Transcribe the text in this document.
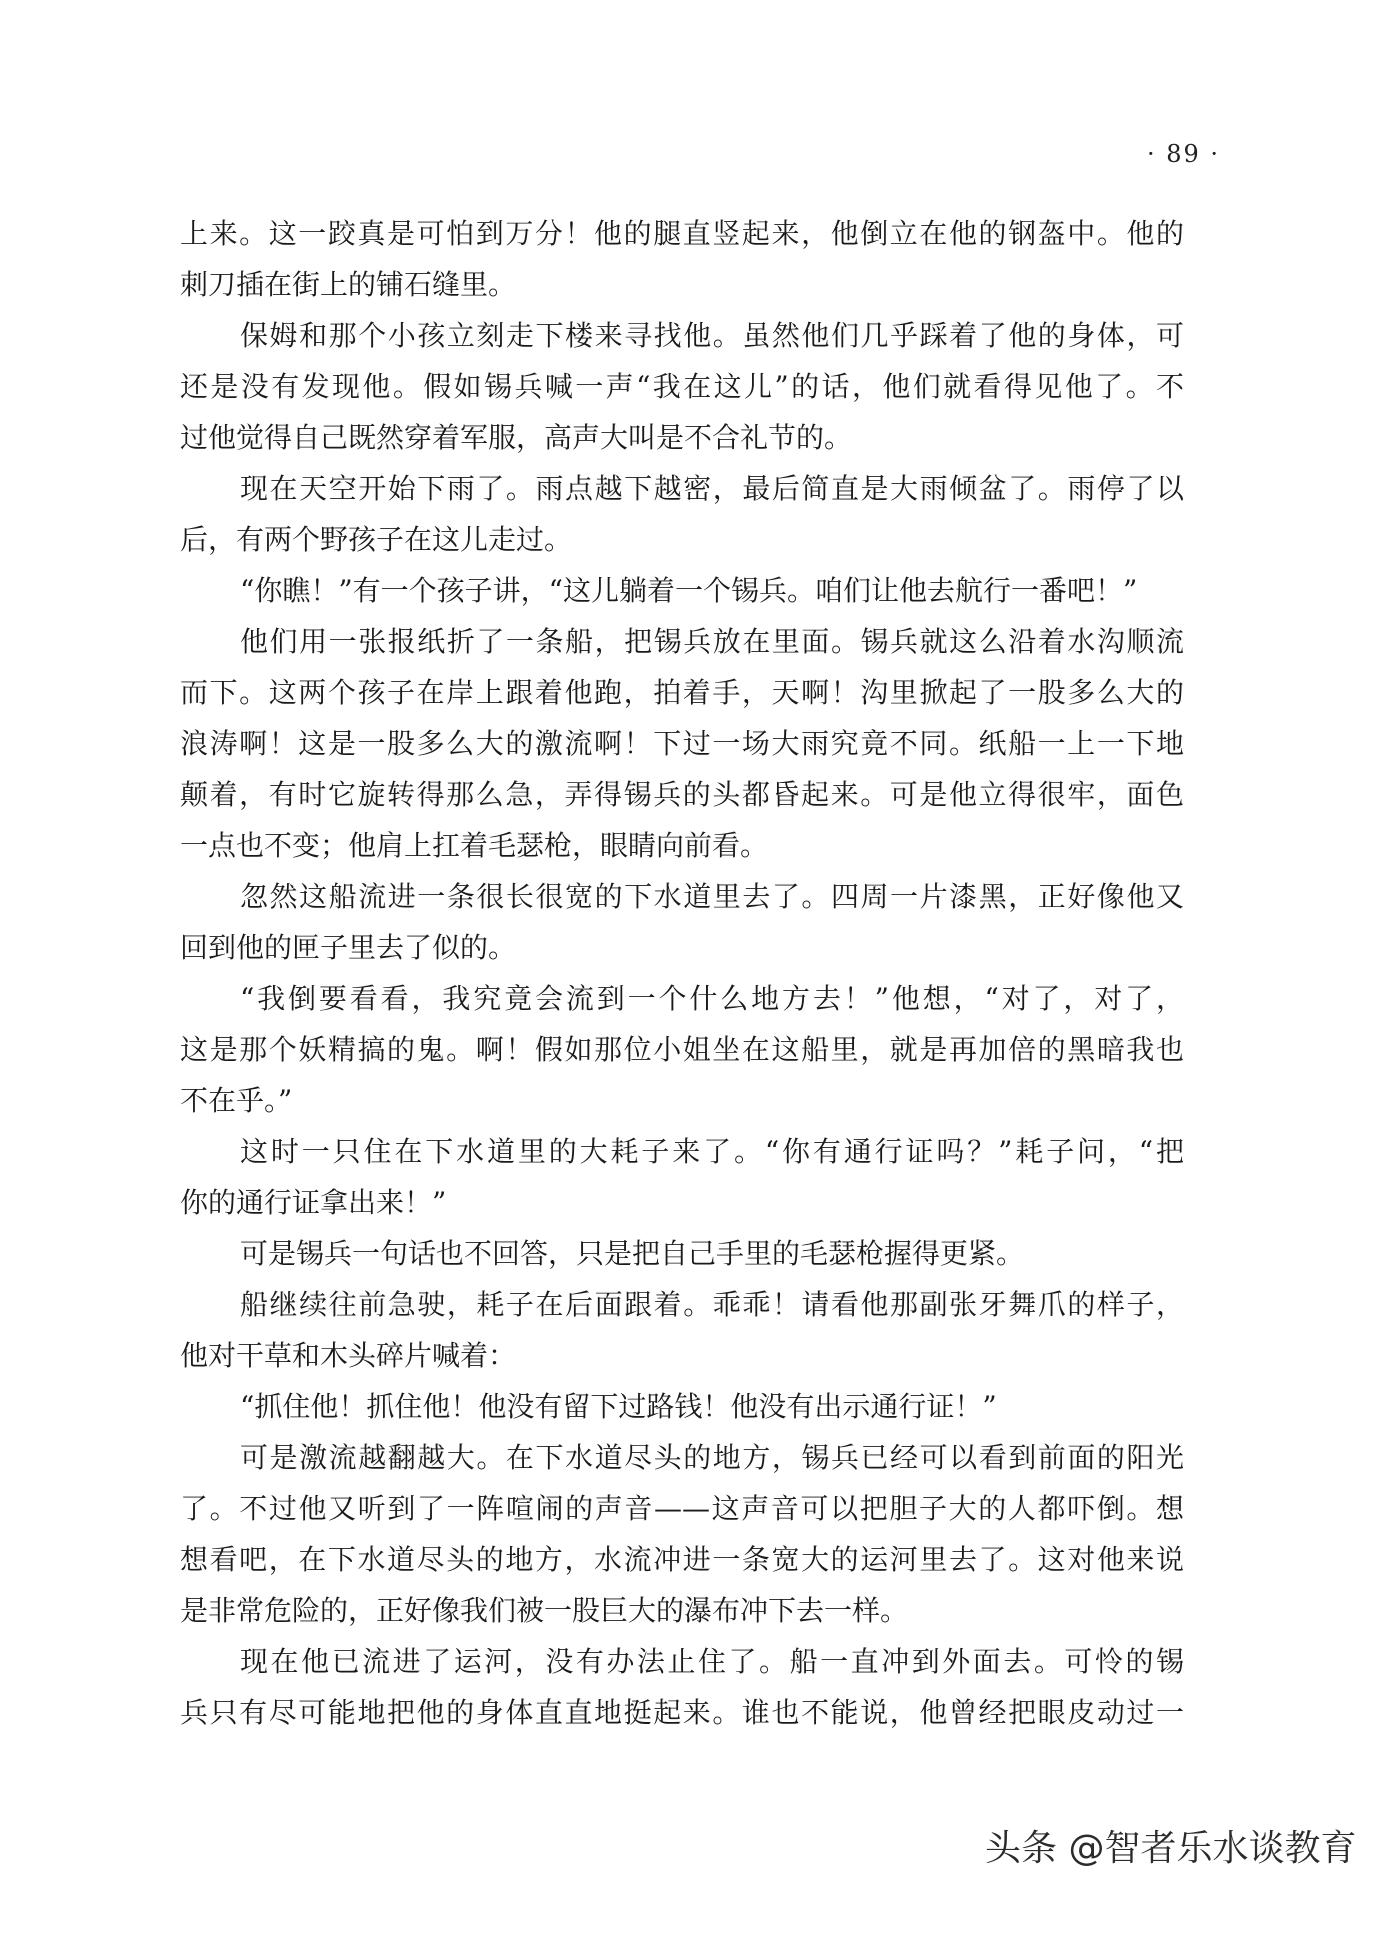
· 89 ·
上来。这一跤真是可怕到万分！他的腿直竖起来，他倒立在他的钢盔中。他的
刺刀插在街上的铺石缝里。
保姆和那个小孩立刻走下楼来寻找他。虽然他们几乎踩着了他的身体，可
还是没有发现他。假如锡兵喊一声“我在这儿”的话，他们就看得见他了。不
过他觉得自己既然穿着军服，高声大叫是不合礼节的。
现在天空开始下雨了。雨点越下越密，最后简直是大雨倾盆了。雨停了以
后，有两个野孩子在这儿走过。
“你瞧！”有一个孩子讲，“这儿躺着一个锡兵。咱们让他去航行一番吧！”
他们用一张报纸折了一条船，把锡兵放在里面。锡兵就这么沿着水沟顺流
而下。这两个孩子在岸上跟着他跑，拍着手，天啊！沟里掀起了一股多么大的
浪涛啊！这是一股多么大的激流啊！下过一场大雨究竟不同。纸船一上一下地
颠着，有时它旋转得那么急，弄得锡兵的头都昏起来。可是他立得很牢，面色
一点也不变；他肩上扛着毛瑟枪，眼睛向前看。
忽然这船流进一条很长很宽的下水道里去了。四周一片漆黑，正好像他又
回到他的匣子里去了似的。
“我倒要看看，我究竟会流到一个什么地方去！”他想，“对了，对了，
这是那个妖精搞的鬼。啊！假如那位小姐坐在这船里，就是再加倍的黑暗我也
不在乎。”
这时一只住在下水道里的大耗子来了。“你有通行证吗？”耗子问，“把
你的通行证拿出来！”
可是锡兵一句话也不回答，只是把自己手里的毛瑟枪握得更紧。
船继续往前急驶，耗子在后面跟着。乖乖！请看他那副张牙舞爪的样子，
他对干草和木头碎片喊着：
“抓住他！抓住他！他没有留下过路钱！他没有出示通行证！”
可是激流越翻越大。在下水道尽头的地方，锡兵已经可以看到前面的阳光
了。不过他又听到了一阵喧闹的声音——这声音可以把胆子大的人都吓倒。想
想看吧，在下水道尽头的地方，水流冲进一条宽大的运河里去了。这对他来说
是非常危险的，正好像我们被一股巨大的瀑布冲下去一样。
现在他已流进了运河，没有办法止住了。船一直冲到外面去。可怜的锡
兵只有尽可能地把他的身体直直地挺起来。谁也不能说，他曾经把眼皮动过一
头条 @智者乐水谈教育
